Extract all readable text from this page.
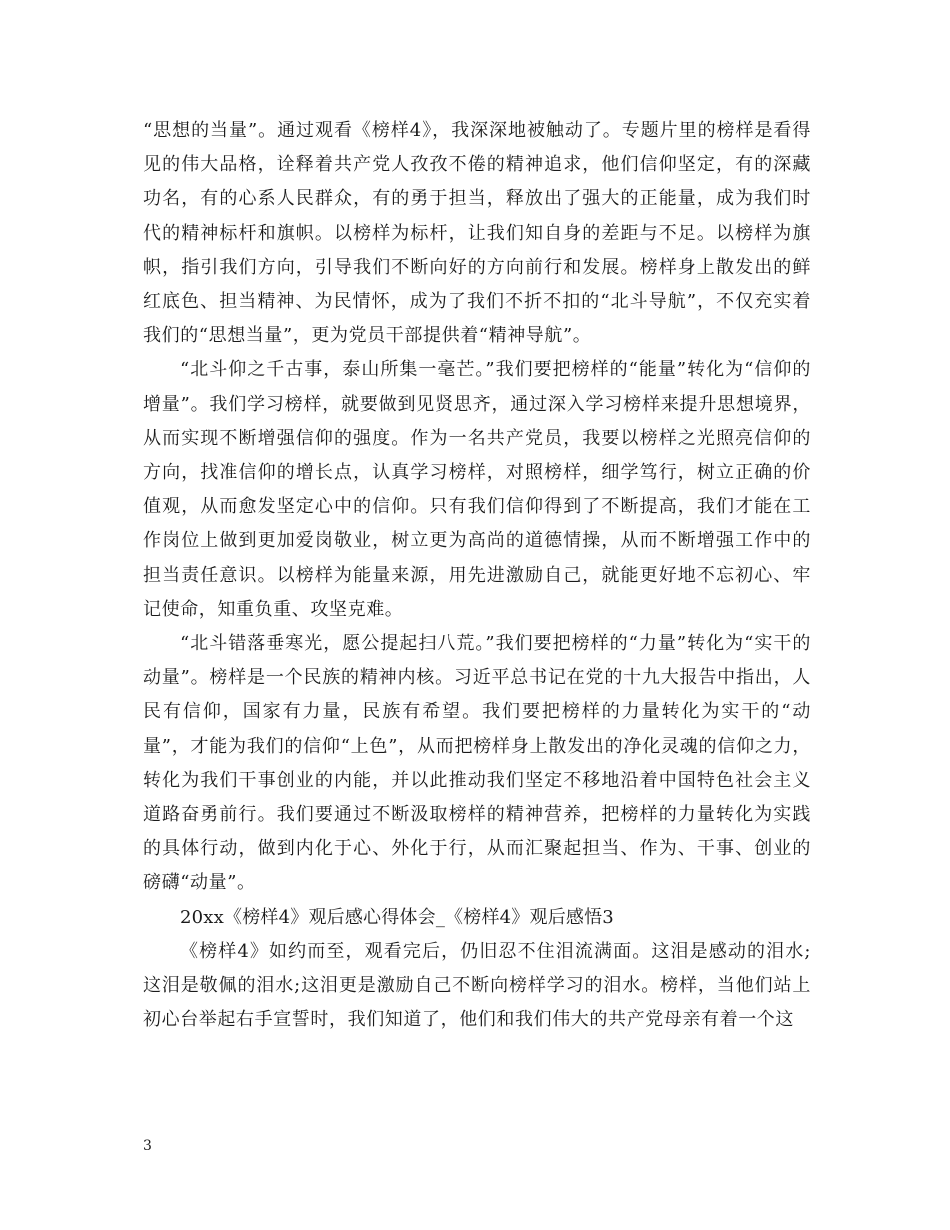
“思想的当量”。通过观看《榜样4》，我深深地被触动了。专题片里的榜样是看得见的伟大品格，诠释着共产党人孜孜不倦的精神追求，他们信仰坚定，有的深藏功名，有的心系人民群众，有的勇于担当，释放出了强大的正能量，成为我们时代的精神标杆和旗帜。以榜样为标杆，让我们知自身的差距与不足。以榜样为旗帜，指引我们方向，引导我们不断向好的方向前行和发展。榜样身上散发出的鲜红底色、担当精神、为民情怀，成为了我们不折不扣的“北斗导航”，不仅充实着我们的“思想当量”，更为党员干部提供着“精神导航”。

“北斗仰之千古事，泰山所集一毫芒。”我们要把榜样的“能量”转化为“信仰的增量”。我们学习榜样，就要做到见贤思齐，通过深入学习榜样来提升思想境界，从而实现不断增强信仰的强度。作为一名共产党员，我要以榜样之光照亮信仰的方向，找准信仰的增长点，认真学习榜样，对照榜样，细学笃行，树立正确的价值观，从而愈发坚定心中的信仰。只有我们信仰得到了不断提高，我们才能在工作岗位上做到更加爱岗敬业，树立更为高尚的道德情操，从而不断增强工作中的担当责任意识。以榜样为能量来源，用先进激励自己，就能更好地不忘初心、牢记使命，知重负重、攻坚克难。

“北斗错落垂寒光，愿公提起扫八荒。”我们要把榜样的“力量”转化为“实干的动量”。榜样是一个民族的精神内核。习近平总书记在党的十九大报告中指出，人民有信仰，国家有力量，民族有希望。我们要把榜样的力量转化为实干的“动量”，才能为我们的信仰“上色”，从而把榜样身上散发出的净化灵魂的信仰之力，转化为我们干事创业的内能，并以此推动我们坚定不移地沿着中国特色社会主义道路奋勇前行。我们要通过不断汲取榜样的精神营养，把榜样的力量转化为实践的具体行动，做到内化于心、外化于行，从而汇聚起担当、作为、干事、创业的磅礴“动量”。

20xx《榜样4》观后感心得体会_《榜样4》观后感悟3

《榜样4》如约而至，观看完后，仍旧忍不住泪流满面。这泪是感动的泪水;这泪是敬佩的泪水;这泪更是激励自己不断向榜样学习的泪水。榜样，当他们站上初心台举起右手宣誓时，我们知道了，他们和我们伟大的共产党母亲有着一个这

3
